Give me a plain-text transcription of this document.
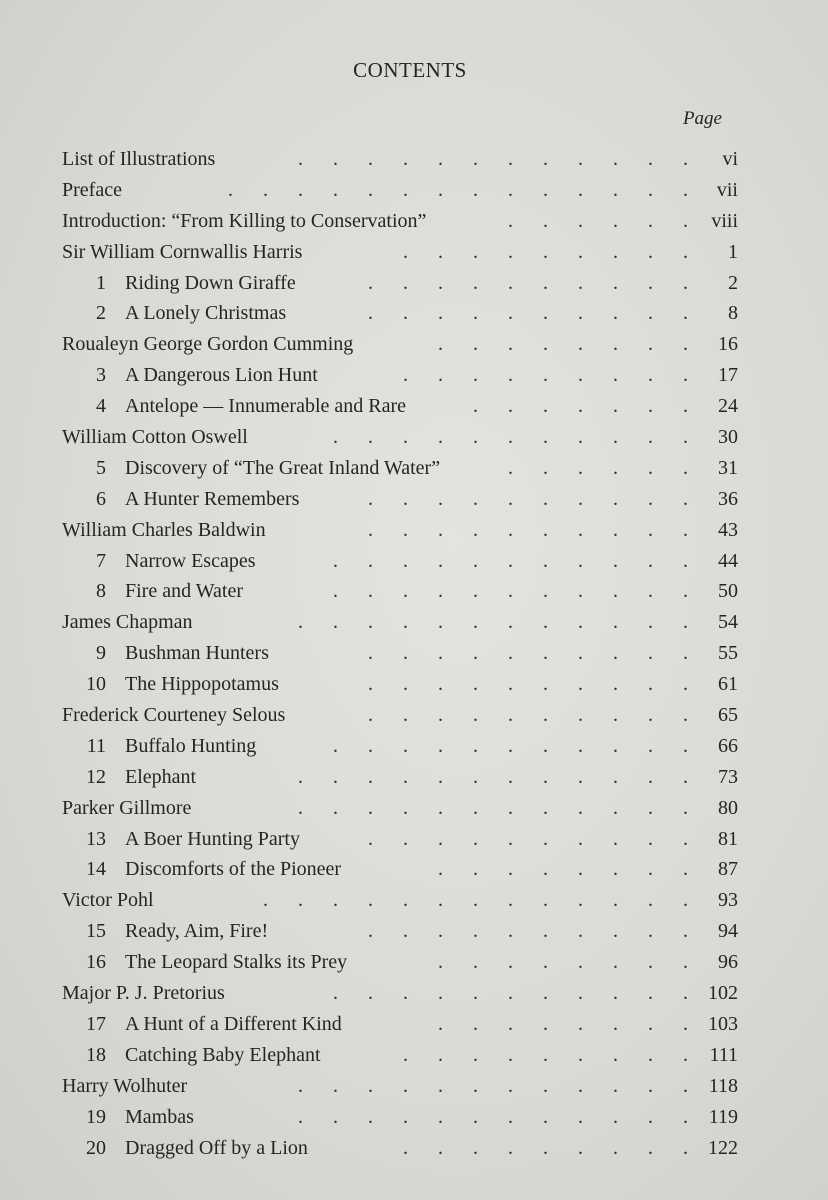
CONTENTS
Page
List of Illustrations	.  .  .  .  .  .  .  .  .  .  .  .	vi
Preface	.  .  .  .  .  .  .  .  .  .  .  .  .  .	vii
Introduction: “From Killing to Conservation”	.  .  .  .  .  .	viii
Sir William Cornwallis Harris	.  .  .  .  .  .  .  .  .	1
1 Riding Down Giraffe	.  .  .  .  .  .  .  .  .  .	2
2 A Lonely Christmas	.  .  .  .  .  .  .  .  .  .	8
Roualeyn George Gordon Cumming	.  .  .  .  .  .  .  .	16
3 A Dangerous Lion Hunt	.  .  .  .  .  .  .  .  .	17
4 Antelope — Innumerable and Rare	.  .  .  .  .  .  .	24
William Cotton Oswell	.  .  .  .  .  .  .  .  .  .  .	30
5 Discovery of “The Great Inland Water”	.  .  .  .  .  .	31
6 A Hunter Remembers	.  .  .  .  .  .  .  .  .  .	36
William Charles Baldwin	.  .  .  .  .  .  .  .  .  .	43
7 Narrow Escapes	.  .  .  .  .  .  .  .  .  .  .	44
8 Fire and Water	.  .  .  .  .  .  .  .  .  .  .	50
James Chapman	.  .  .  .  .  .  .  .  .  .  .  .	54
9 Bushman Hunters	.  .  .  .  .  .  .  .  .  .	55
10 The Hippopotamus	.  .  .  .  .  .  .  .  .  .	61
Frederick Courteney Selous	.  .  .  .  .  .  .  .  .  .	65
11 Buffalo Hunting	.  .  .  .  .  .  .  .  .  .  .	66
12 Elephant	.  .  .  .  .  .  .  .  .  .  .  .	73
Parker Gillmore	.  .  .  .  .  .  .  .  .  .  .  .	80
13 A Boer Hunting Party	.  .  .  .  .  .  .  .  .  .	81
14 Discomforts of the Pioneer	.  .  .  .  .  .  .  .	87
Victor Pohl	.  .  .  .  .  .  .  .  .  .  .  .  .	93
15 Ready, Aim, Fire!	.  .  .  .  .  .  .  .  .  .	94
16 The Leopard Stalks its Prey	.  .  .  .  .  .  .  .	96
Major P. J. Pretorius	.  .  .  .  .  .  .  .  .  .  .	102
17 A Hunt of a Different Kind	.  .  .  .  .  .  .  .	103
18 Catching Baby Elephant	.  .  .  .  .  .  .  .  .	111
Harry Wolhuter	.  .  .  .  .  .  .  .  .  .  .  .	118
19 Mambas	.  .  .  .  .  .  .  .  .  .  .  .	119
20 Dragged Off by a Lion	.  .  .  .  .  .  .  .  .	122
